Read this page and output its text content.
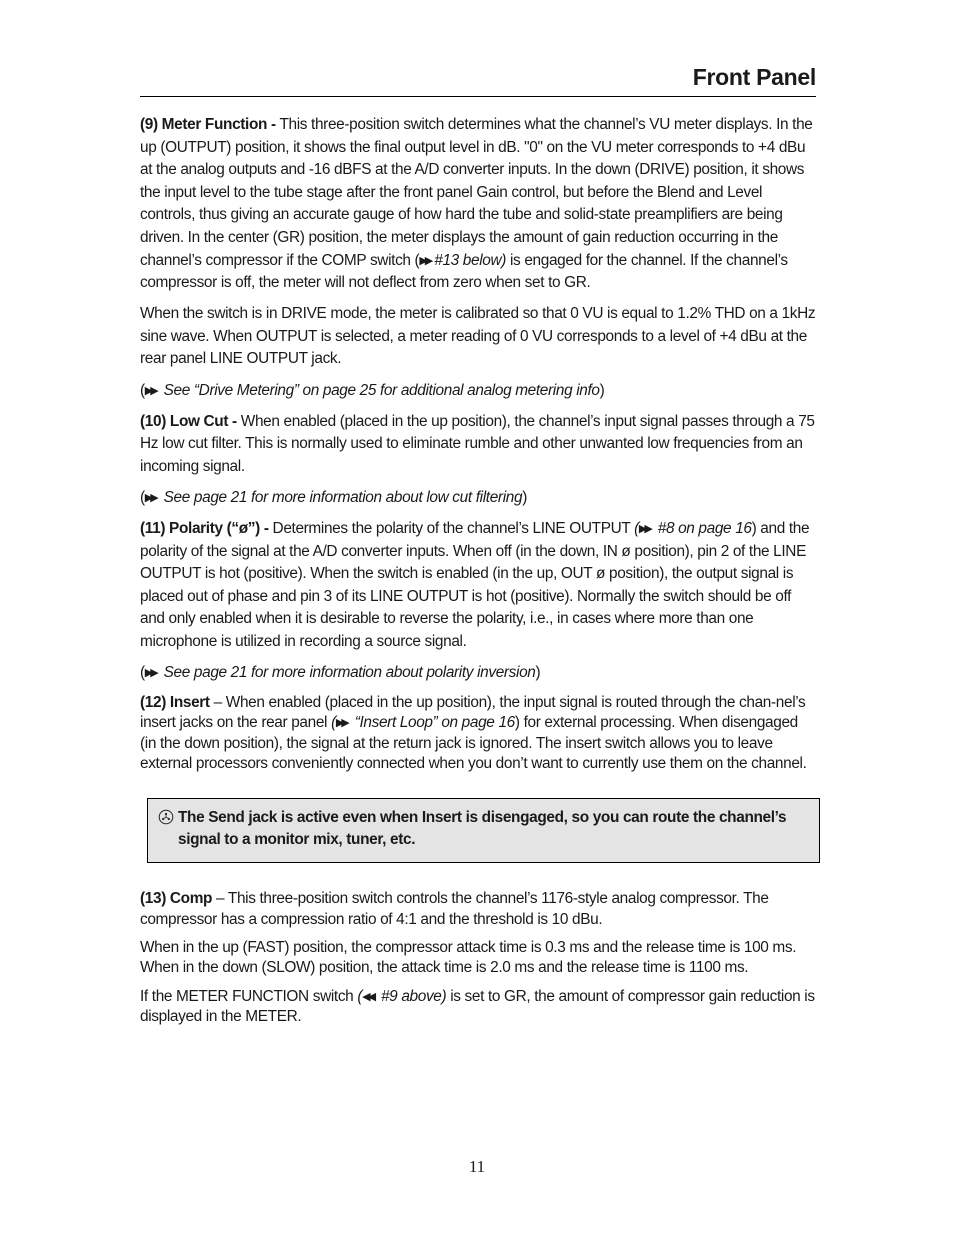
Front Panel

(9) Meter Function - This three-position switch determines what the channel’s VU meter displays. In the up (OUTPUT) position, it shows the final output level in dB. "0" on the VU meter corresponds to +4 dBu at the analog outputs and -16 dBFS at the A/D converter inputs. In the down (DRIVE) position, it shows the input level to the tube stage after the front panel Gain control, but before the Blend and Level controls, thus giving an accurate gauge of how hard the tube and solid-state preamplifiers are being driven. In the center (GR) position, the meter displays the amount of gain reduction occurring in the channel’s compressor if the COMP switch (▶▶ #13 below) is engaged for the channel. If the channel’s compressor is off, the meter will not deflect from zero when set to GR.

When the switch is in DRIVE mode, the meter is calibrated so that 0 VU is equal to 1.2% THD on a 1kHz sine wave. When OUTPUT is selected, a meter reading of 0 VU corresponds to a level of +4 dBu at the rear panel LINE OUTPUT jack.

(▶▶ See “Drive Metering” on page 25 for additional analog metering info)

(10) Low Cut - When enabled (placed in the up position), the channel’s input signal passes through a 75 Hz low cut filter. This is normally used to eliminate rumble and other unwanted low frequencies from an incoming signal.

(▶▶ See page 21 for more information about low cut filtering)

(11) Polarity (“ø”) - Determines the polarity of the channel’s LINE OUTPUT (▶▶ #8 on page 16) and the polarity of the signal at the A/D converter inputs. When off (in the down, IN ø position), pin 2 of the LINE OUTPUT is hot (positive). When the switch is enabled (in the up, OUT ø position), the output signal is placed out of phase and pin 3 of its LINE OUTPUT is hot (positive). Normally the switch should be off and only enabled when it is desirable to reverse the polarity, i.e., in cases where more than one microphone is utilized in recording a source signal.

(▶▶ See page 21 for more information about polarity inversion)

(12) Insert – When enabled (placed in the up position), the input signal is routed through the chan-nel’s insert jacks on the rear panel (▶▶ “Insert Loop” on page 16) for external processing. When disengaged (in the down position), the signal at the return jack is ignored. The insert switch allows you to leave external processors conveniently connected when you don’t want to currently use them on the channel.

The Send jack is active even when Insert is disengaged, so you can route the channel’s signal to a monitor mix, tuner, etc.

(13) Comp – This three-position switch controls the channel’s 1176-style analog compressor. The compressor has a compression ratio of 4:1 and the threshold is 10 dBu.

When in the up (FAST) position, the compressor attack time is 0.3 ms and the release time is 100 ms. When in the down (SLOW) position, the attack time is 2.0 ms and the release time is 1100 ms.

If the METER FUNCTION switch (◀◀ #9 above) is set to GR, the amount of compressor gain reduction is displayed in the METER.

11
